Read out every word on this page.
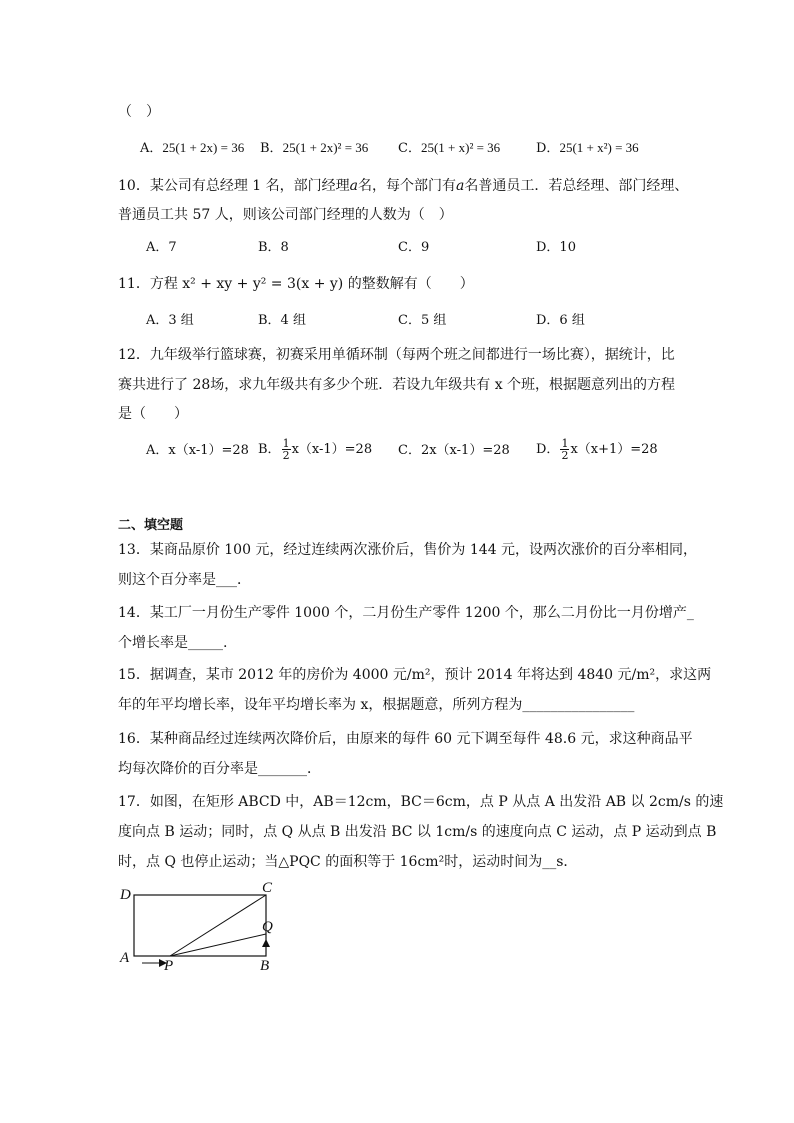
（　）
A．25(1 + 2x) = 36 B．25(1 + 2x)² = 36 C．25(1 + x)² = 36	D．25(1 + x²) = 36
10．某公司有总经理 1 名，部门经理𝑎名，每个部门有𝑎名普通员工．若总经理、部门经理、
普通员工共 57 人，则该公司部门经理的人数为（　）
A．7	B．8	C．9	D．10
11．方程 x² + xy + y² = 3(x + y) 的整数解有（　　）
A．3 组	B．4 组	C．5 组	D．6 组
12．九年级举行篮球赛，初赛采用单循环制（每两个班之间都进行一场比赛），据统计，比
赛共进行了 28场，求九年级共有多少个班．若设九年级共有 x 个班，根据题意列出的方程
是（　　）
A．x（x-1）=28 B． $\frac{1}{2} x(x-1)=28$ C．2x（x-1）=28 D． $\frac{1}{2} x(x+1)=28$
二、填空题
13．某商品原价 100 元，经过连续两次涨价后，售价为 144 元，设两次涨价的百分率相同，
则这个百分率是___．
14．某工厂一月份生产零件 1000 个，二月份生产零件 1200 个，那么二月份比一月份增产_
个增长率是_____.
15．据调查，某市 2012 年的房价为 4000 元/m²，预计 2014 年将达到 4840 元/m²，求这两
年的年平均增长率，设年平均增长率为 x，根据题意，所列方程为________________
16．某种商品经过连续两次降价后，由原来的每件 60 元下调至每件 48.6 元，求这种商品平
均每次降价的百分率是_______．
17．如图，在矩形 ABCD 中，AB＝12cm，BC＝6cm，点 P 从点 A 出发沿 AB 以 2cm/s 的速
度向点 B 运动；同时，点 Q 从点 B 出发沿 BC 以 1cm/s 的速度向点 C 运动，点 P 运动到点 B
时，点 Q 也停止运动；当△PQC 的面积等于 16cm²时，运动时间为__s．
D	C
Q
A P	B
